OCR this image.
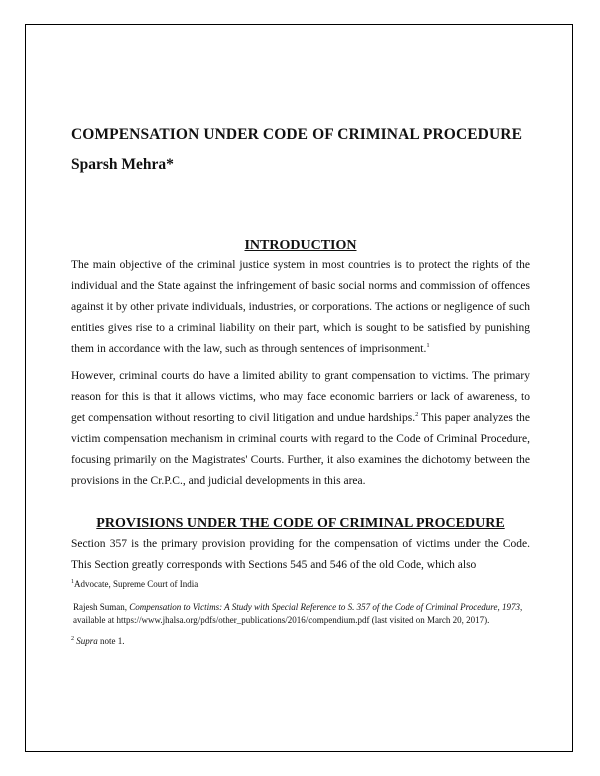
COMPENSATION UNDER CODE OF CRIMINAL PROCEDURE
Sparsh Mehra*
INTRODUCTION

The main objective of the criminal justice system in most countries is to protect the rights of the individual and the State against the infringement of basic social norms and commission of offences against it by other private individuals, industries, or corporations. The actions or negligence of such entities gives rise to a criminal liability on their part, which is sought to be satisfied by punishing them in accordance with the law, such as through sentences of imprisonment.$^1$

However, criminal courts do have a limited ability to grant compensation to victims. The primary reason for this is that it allows victims, who may face economic barriers or lack of awareness, to get compensation without resorting to civil litigation and undue hardships.$^2$ This paper analyzes the victim compensation mechanism in criminal courts with regard to the Code of Criminal Procedure, focusing primarily on the Magistrates' Courts. Further, it also examines the dichotomy between the provisions in the Cr.P.C., and judicial developments in this area.

PROVISIONS UNDER THE CODE OF CRIMINAL PROCEDURE

Section 357 is the primary provision providing for the compensation of victims under the Code. This Section greatly corresponds with Sections 545 and 546 of the old Code, which also

$^1$Advocate, Supreme Court of India
Rajesh Suman, Compensation to Victims: A Study with Special Reference to S. 357 of the Code of Criminal Procedure, 1973, available at https://www.jhalsa.org/pdfs/other_publications/2016/compendium.pdf (last visited on March 20, 2017).
$^2$ Supra note 1.
